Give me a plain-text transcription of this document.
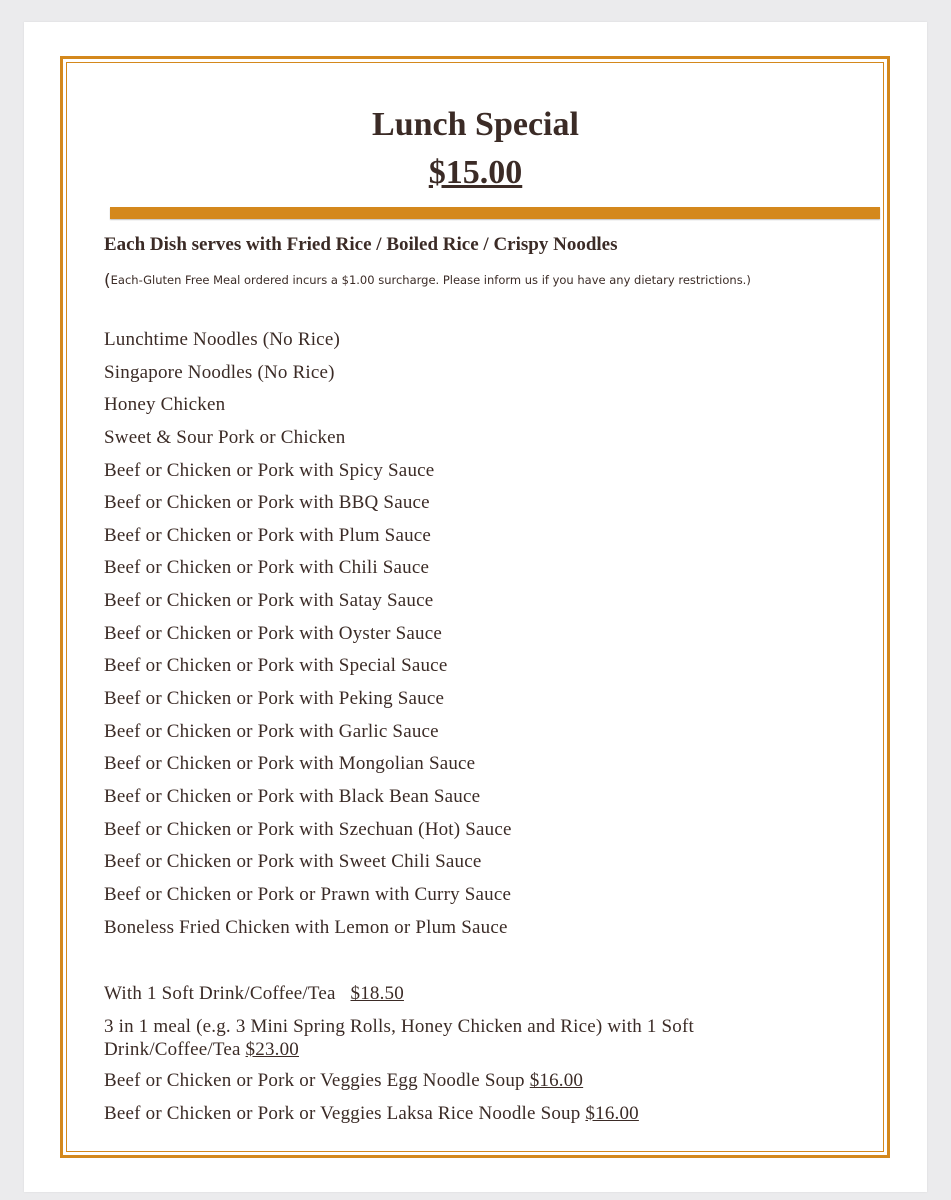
Lunch Special
$15.00
Each Dish serves with Fried Rice / Boiled Rice / Crispy Noodles
(Each-Gluten Free Meal ordered incurs a $1.00 surcharge. Please inform us if you have any dietary restrictions.)
Lunchtime Noodles (No Rice)
Singapore Noodles (No Rice)
Honey Chicken
Sweet & Sour Pork or Chicken
Beef or Chicken or Pork with Spicy Sauce
Beef or Chicken or Pork with BBQ Sauce
Beef or Chicken or Pork with Plum Sauce
Beef or Chicken or Pork with Chili Sauce
Beef or Chicken or Pork with Satay Sauce
Beef or Chicken or Pork with Oyster Sauce
Beef or Chicken or Pork with Special Sauce
Beef or Chicken or Pork with Peking Sauce
Beef or Chicken or Pork with Garlic Sauce
Beef or Chicken or Pork with Mongolian Sauce
Beef or Chicken or Pork with Black Bean Sauce
Beef or Chicken or Pork with Szechuan (Hot) Sauce
Beef or Chicken or Pork with Sweet Chili Sauce
Beef or Chicken or Pork or Prawn with Curry Sauce
Boneless Fried Chicken with Lemon or Plum Sauce
With 1 Soft Drink/Coffee/Tea $18.50
3 in 1 meal (e.g. 3 Mini Spring Rolls, Honey Chicken and Rice) with 1 Soft Drink/Coffee/Tea $23.00
Beef or Chicken or Pork or Veggies Egg Noodle Soup $16.00
Beef or Chicken or Pork or Veggies Laksa Rice Noodle Soup $16.00
